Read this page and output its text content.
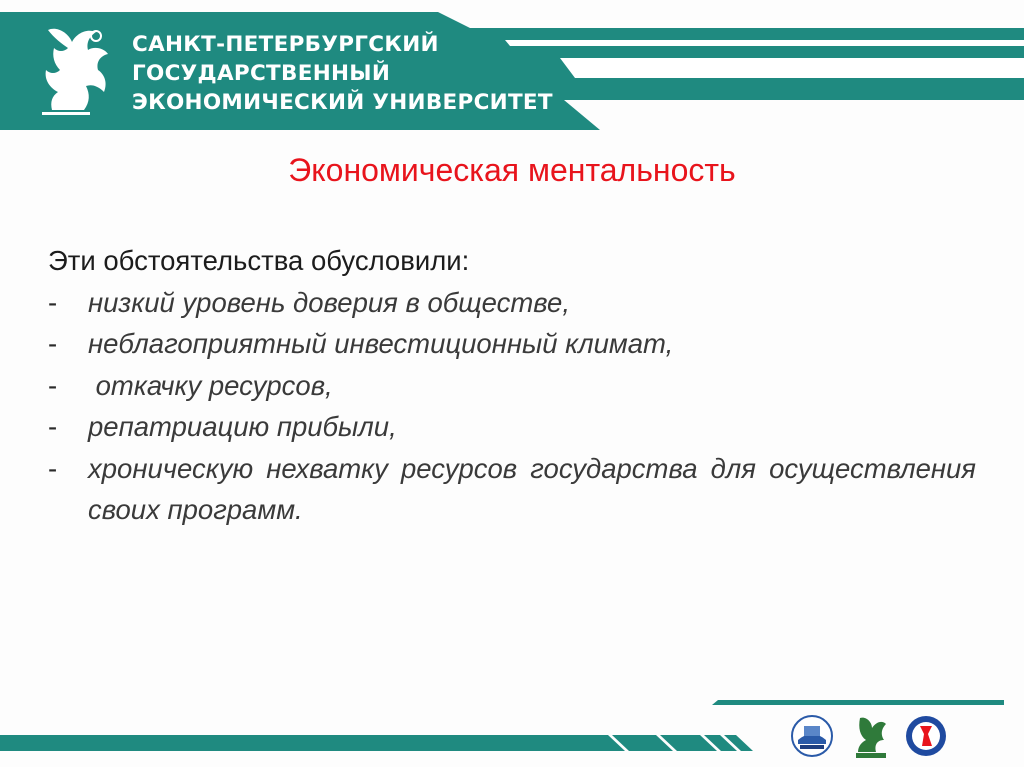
САНКТ-ПЕТЕРБУРГСКИЙ
ГОСУДАРСТВЕННЫЙ
ЭКОНОМИЧЕСКИЙ УНИВЕРСИТЕТ
Экономическая ментальность
Эти обстоятельства обусловили:
-	низкий уровень доверия в обществе,
-	неблагоприятный инвестиционный климат,
-	откачку ресурсов,
-	репатриацию прибыли,
-	хроническую нехватку ресурсов государства для осуществления своих программ.
